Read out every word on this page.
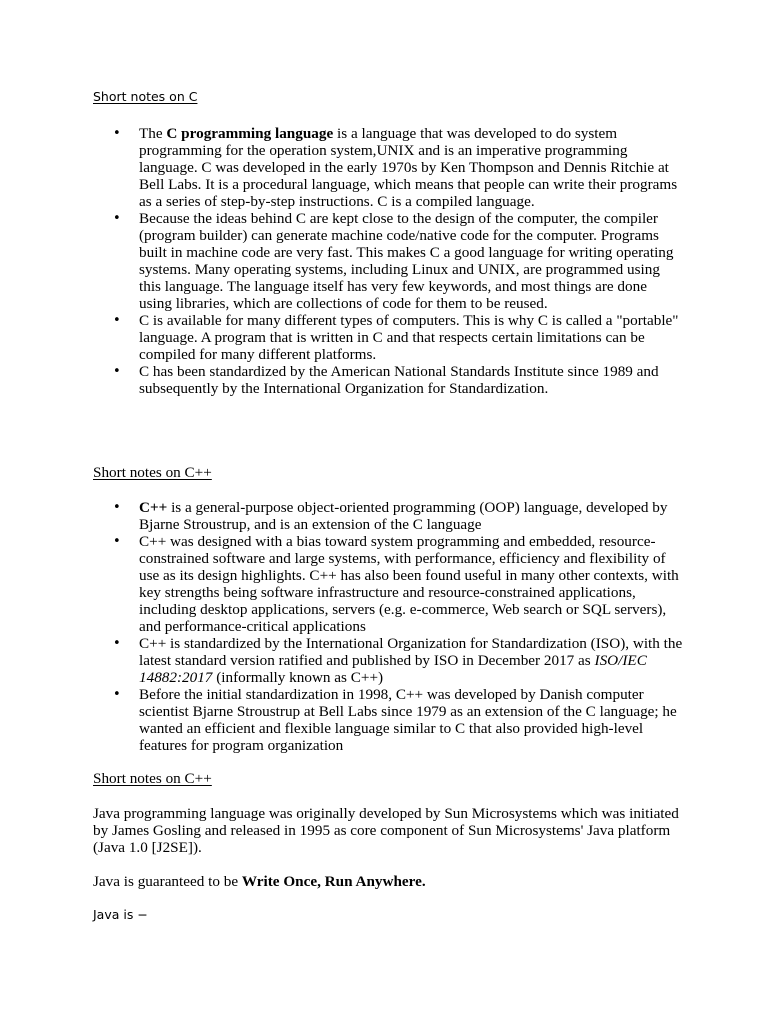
Short notes on C
• The C programming language is a language that was developed to do system programming for the operation system,UNIX and is an imperative programming language. C was developed in the early 1970s by Ken Thompson and Dennis Ritchie at Bell Labs. It is a procedural language, which means that people can write their programs as a series of step-by-step instructions. C is a compiled language.
• Because the ideas behind C are kept close to the design of the computer, the compiler (program builder) can generate machine code/native code for the computer. Programs built in machine code are very fast. This makes C a good language for writing operating systems. Many operating systems, including Linux and UNIX, are programmed using this language. The language itself has very few keywords, and most things are done using libraries, which are collections of code for them to be reused.
• C is available for many different types of computers. This is why C is called a "portable" language. A program that is written in C and that respects certain limitations can be compiled for many different platforms.
• C has been standardized by the American National Standards Institute since 1989 and subsequently by the International Organization for Standardization.
Short notes on C++
• C++ is a general-purpose object-oriented programming (OOP) language, developed by Bjarne Stroustrup, and is an extension of the C language
• C++ was designed with a bias toward system programming and embedded, resource-constrained software and large systems, with performance, efficiency and flexibility of use as its design highlights. C++ has also been found useful in many other contexts, with key strengths being software infrastructure and resource-constrained applications, including desktop applications, servers (e.g. e-commerce, Web search or SQL servers), and performance-critical applications
• C++ is standardized by the International Organization for Standardization (ISO), with the latest standard version ratified and published by ISO in December 2017 as ISO/IEC 14882:2017 (informally known as C++)
• Before the initial standardization in 1998, C++ was developed by Danish computer scientist Bjarne Stroustrup at Bell Labs since 1979 as an extension of the C language; he wanted an efficient and flexible language similar to C that also provided high-level features for program organization
Short notes on C++

Java programming language was originally developed by Sun Microsystems which was initiated by James Gosling and released in 1995 as core component of Sun Microsystems' Java platform (Java 1.0 [J2SE]).

Java is guaranteed to be Write Once, Run Anywhere.

Java is −
